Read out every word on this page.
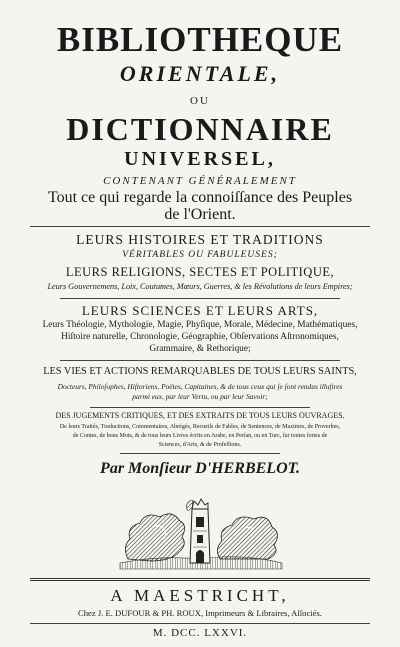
BIBLIOTHEQUE
ORIENTALE,
OU
DICTIONNAIRE
UNIVERSEL,
CONTENANT GÉNÉRALEMENT
Tout ce qui regarde la connoiſſance des Peuples
de l'Orient.
LEURS HISTOIRES ET TRADITIONS
VÉRITABLES OU FABULEUSES;
LEURS RELIGIONS, SECTES ET POLITIQUE,
Leurs Gouvernemens, Loix, Coutumes, Mœurs, Guerres, & les Révolutions de leurs Empires;
LEURS SCIENCES ET LEURS ARTS,
Leurs Théologie, Mythologie, Magie, Phyſique, Morale, Médecine, Mathématiques,
Hiſtoire naturelle, Chronologie, Géographie, Obſervations Aſtronomiques,
Grammaire, & Rethorique;
LES VIES ET ACTIONS REMARQUABLES DE TOUS LEURS SAINTS,
Docteurs, Philoſophes, Hiſtoriens, Poëtes, Capitaines, & de tous ceux qui ſe ſont rendus illuſtres
parmi eux, par leur Vertu, ou par leur Savoir;
DES JUGEMENTS CRITIQUES, ET DES EXTRAITS DE TOUS LEURS OUVRAGES.
De leurs Traités, Traductions, Commentaires, Abrégés, Recueils de Fables, de Sentences, de Maximes, de Proverbes,
de Contes, de bons Mots, & de tous leurs Livres écrits en Arabe, en Perſan, ou en Turc, ſur toutes ſortes de
Sciences, d'Arts, & de Profeſſions.
Par Monſieur D'HERBELOT.
A MAESTRICHT,
Chez J. E. DUFOUR & PH. ROUX, Imprimeurs & Libraires, Aſſociés.
M. DCC. LXXVI.
